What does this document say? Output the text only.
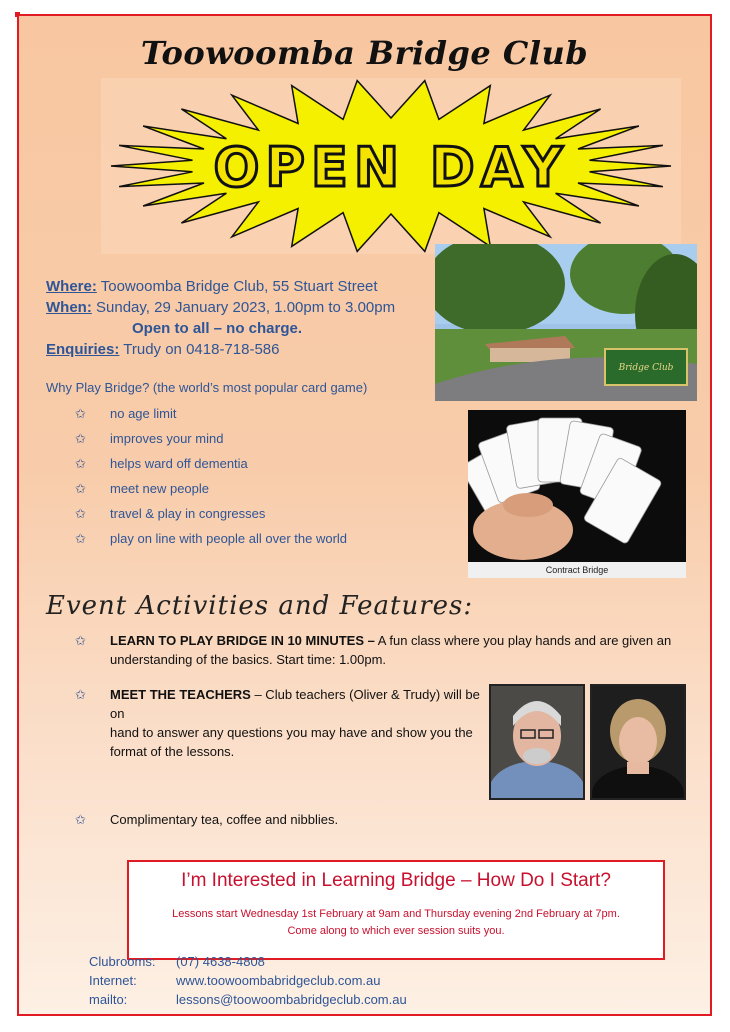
Toowoomba Bridge Club
OPEN DAY
Where: Toowoomba Bridge Club, 55 Stuart Street
When: Sunday, 29 January 2023, 1.00pm to 3.00pm
Open to all – no charge.
Enquiries: Trudy on 0418-718-586
Why Play Bridge? (the world’s most popular card game)
✩ no age limit
✩ improves your mind
✩ helps ward off dementia
✩ meet new people
✩ travel & play in congresses
✩ play on line with people all over the world
Bridge Club
Contract Bridge
Event Activities and Features:
✩ LEARN TO PLAY BRIDGE IN 10 MINUTES – A fun class where you play hands and are given an
understanding of the basics. Start time: 1.00pm.
✩ MEET THE TEACHERS – Club teachers (Oliver & Trudy) will be on
hand to answer any questions you may have and show you the
format of the lessons.
✩ Complimentary tea, coffee and nibblies.
I’m Interested in Learning Bridge – How Do I Start?
Lessons start Wednesday 1st February at 9am and Thursday evening 2nd February at 7pm.
Come along to which ever session suits you.
Clubrooms: (07) 4638-4808
Internet:	www.toowoombabridgeclub.com.au
mailto:	lessons@toowoombabridgeclub.com.au
